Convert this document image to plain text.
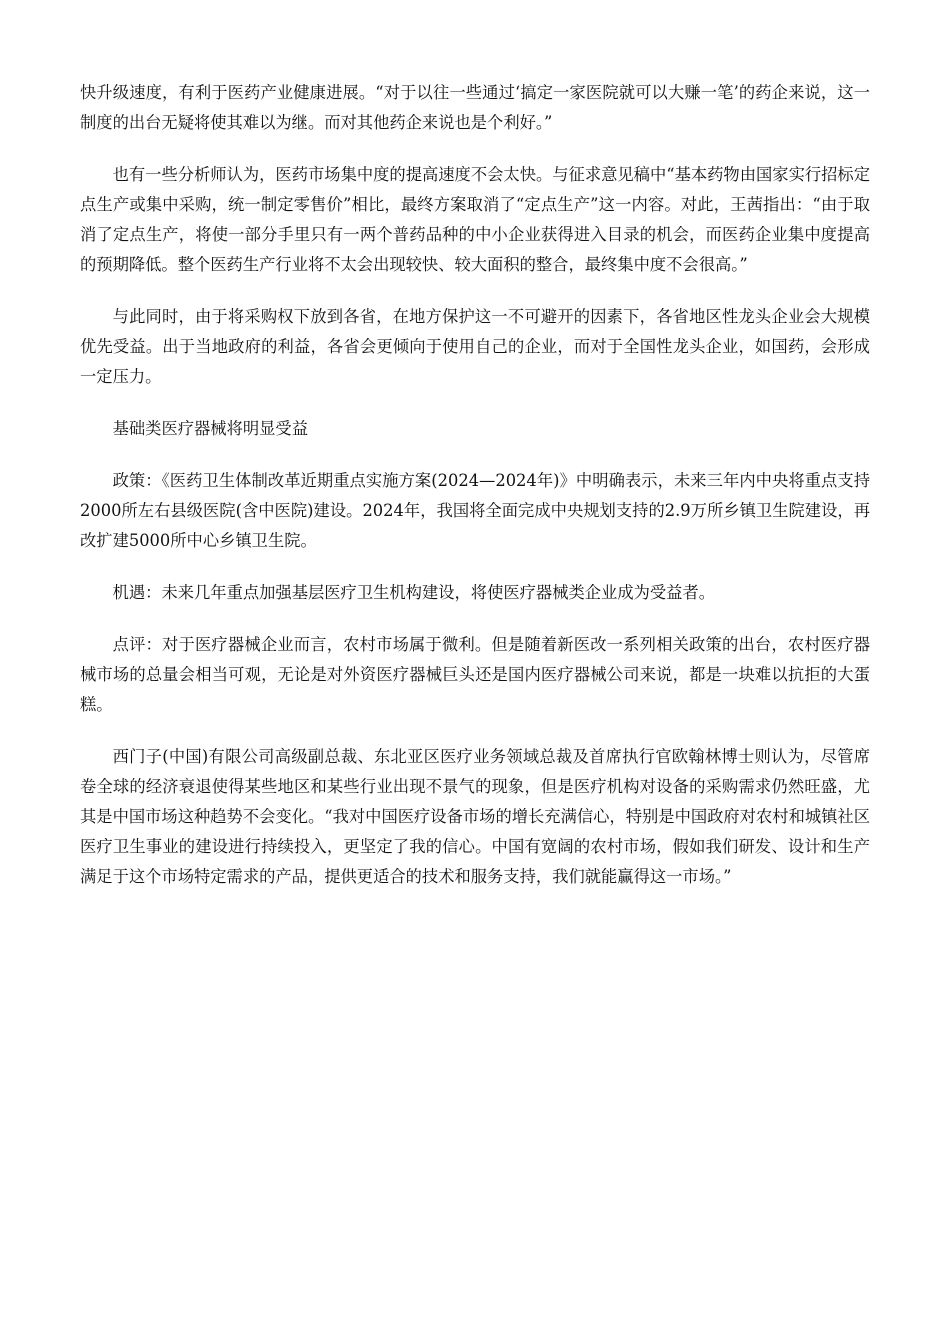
快升级速度，有利于医药产业健康进展。“对于以往一些通过‘搞定一家医院就可以大赚一笔’的药企来说，这一制度的出台无疑将使其难以为继。而对其他药企来说也是个利好。”

也有一些分析师认为，医药市场集中度的提高速度不会太快。与征求意见稿中“基本药物由国家实行招标定点生产或集中采购，统一制定零售价”相比，最终方案取消了“定点生产”这一内容。对此，王茜指出：“由于取消了定点生产，将使一部分手里只有一两个普药品种的中小企业获得进入目录的机会，而医药企业集中度提高的预期降低。整个医药生产行业将不太会出现较快、较大面积的整合，最终集中度不会很高。”

与此同时，由于将采购权下放到各省，在地方保护这一不可避开的因素下，各省地区性龙头企业会大规模优先受益。出于当地政府的利益，各省会更倾向于使用自己的企业，而对于全国性龙头企业，如国药，会形成一定压力。

基础类医疗器械将明显受益

政策：《医药卫生体制改革近期重点实施方案(2024—2024年)》中明确表示，未来三年内中央将重点支持2000所左右县级医院(含中医院)建设。2024年，我国将全面完成中央规划支持的2.9万所乡镇卫生院建设，再改扩建5000所中心乡镇卫生院。

机遇：未来几年重点加强基层医疗卫生机构建设，将使医疗器械类企业成为受益者。

点评：对于医疗器械企业而言，农村市场属于微利。但是随着新医改一系列相关政策的出台，农村医疗器械市场的总量会相当可观，无论是对外资医疗器械巨头还是国内医疗器械公司来说，都是一块难以抗拒的大蛋糕。

西门子(中国)有限公司高级副总裁、东北亚区医疗业务领域总裁及首席执行官欧翰林博士则认为，尽管席卷全球的经济衰退使得某些地区和某些行业出现不景气的现象，但是医疗机构对设备的采购需求仍然旺盛，尤其是中国市场这种趋势不会变化。“我对中国医疗设备市场的增长充满信心，特别是中国政府对农村和城镇社区医疗卫生事业的建设进行持续投入，更坚定了我的信心。中国有宽阔的农村市场，假如我们研发、设计和生产满足于这个市场特定需求的产品，提供更适合的技术和服务支持，我们就能赢得这一市场。”
